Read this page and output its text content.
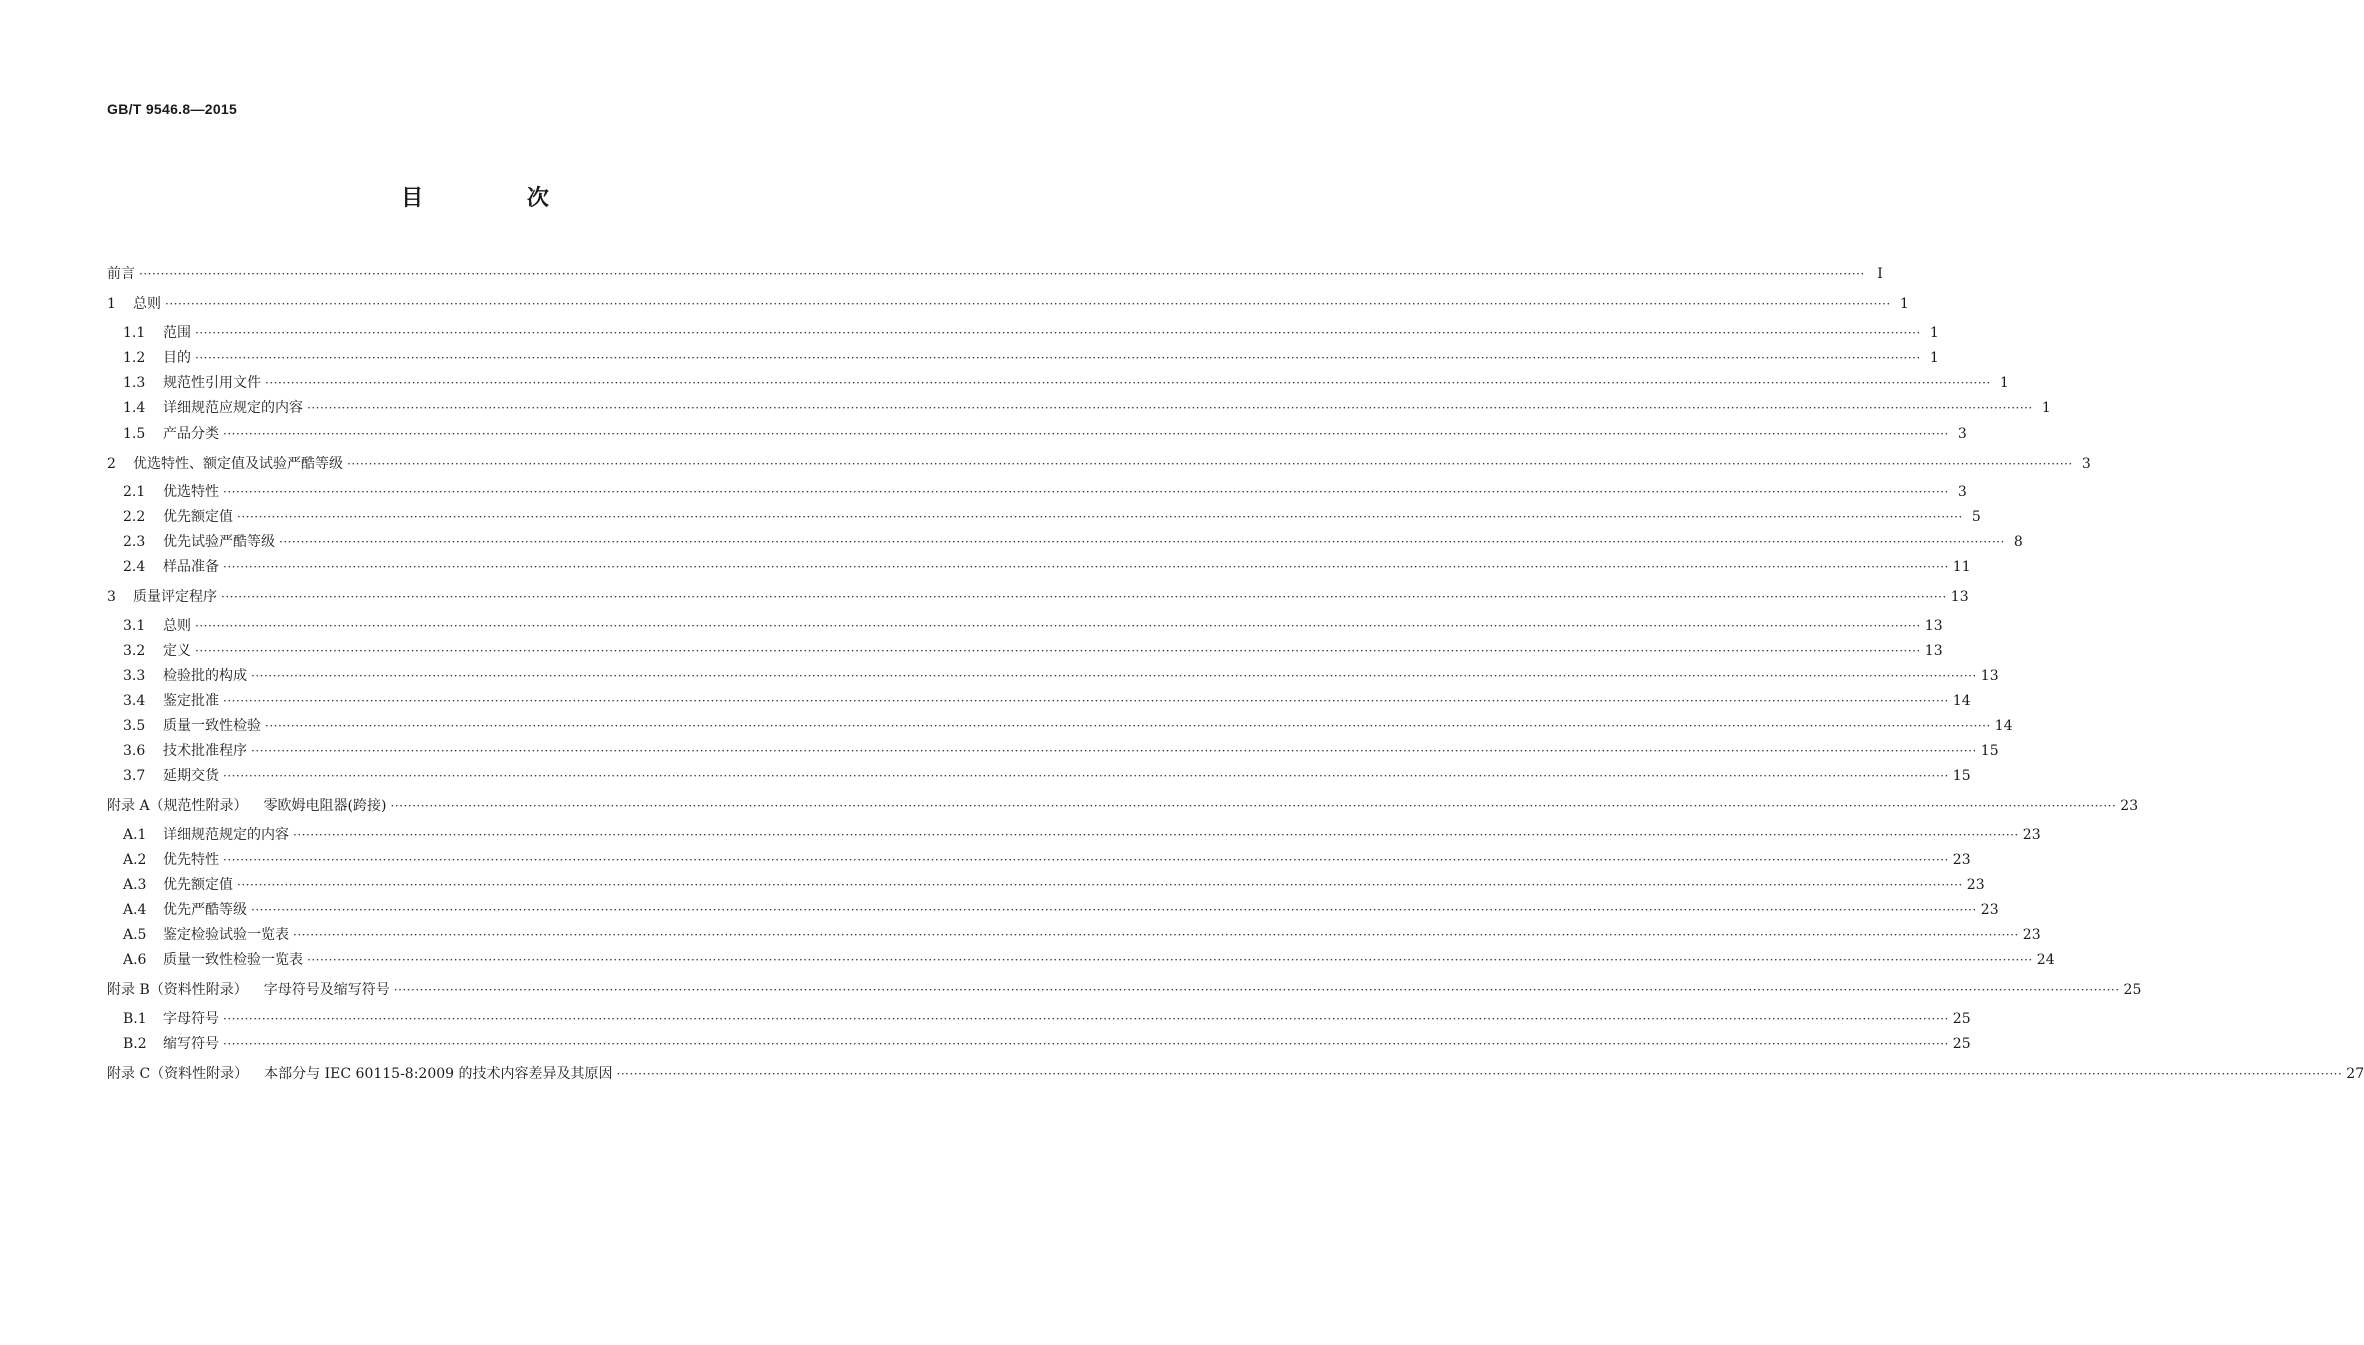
GB/T 9546.8—2015
目 次
前言 ················································································································································································································································································································································································································ Ⅰ
1	总则 ················································································································································································································································································································································································································ 1
1.1	范围 ················································································································································································································································································································································································································ 1
1.2	目的 ················································································································································································································································································································································································································ 1
1.3	规范性引用文件 ················································································································································································································································································································································································································ 1
1.4	详细规范应规定的内容 ················································································································································································································································································································································································································ 1
1.5	产品分类 ················································································································································································································································································································································································································ 3
2	优选特性、额定值及试验严酷等级 ················································································································································································································································································································································································································ 3
2.1	优选特性 ················································································································································································································································································································································································································ 3
2.2	优先额定值 ················································································································································································································································································································································································································ 5
2.3	优先试验严酷等级 ················································································································································································································································································································································································································ 8
2.4	样品准备 ················································································································································································································································································································································································································ 11
3	质量评定程序 ················································································································································································································································································································································································································ 13
3.1	总则 ················································································································································································································································································································································································································ 13
3.2	定义 ················································································································································································································································································································································································································ 13
3.3	检验批的构成 ················································································································································································································································································································································································································ 13
3.4	鉴定批准 ················································································································································································································································································································································································································ 14
3.5	质量一致性检验 ················································································································································································································································································································································································································ 14
3.6	技术批准程序 ················································································································································································································································································································································································································ 15
3.7	延期交货 ················································································································································································································································································································································································································ 15
附录 A（规范性附录） 零欧姆电阻器(跨接) ················································································································································································································································································································································································································ 23
A.1	详细规范规定的内容 ················································································································································································································································································································································································································ 23
A.2	优先特性 ················································································································································································································································································································································································································ 23
A.3	优先额定值 ················································································································································································································································································································································································································ 23
A.4	优先严酷等级 ················································································································································································································································································································································································································ 23
A.5	鉴定检验试验一览表 ················································································································································································································································································································································································································ 23
A.6	质量一致性检验一览表 ················································································································································································································································································································································································································ 24
附录 B（资料性附录） 字母符号及缩写符号 ················································································································································································································································································································································································································ 25
B.1	字母符号 ················································································································································································································································································································································································································ 25
B.2	缩写符号 ················································································································································································································································································································································································································ 25
附录 C（资料性附录） 本部分与 IEC 60115-8:2009 的技术内容差异及其原因 ················································································································································································································································································································································································································ 27
